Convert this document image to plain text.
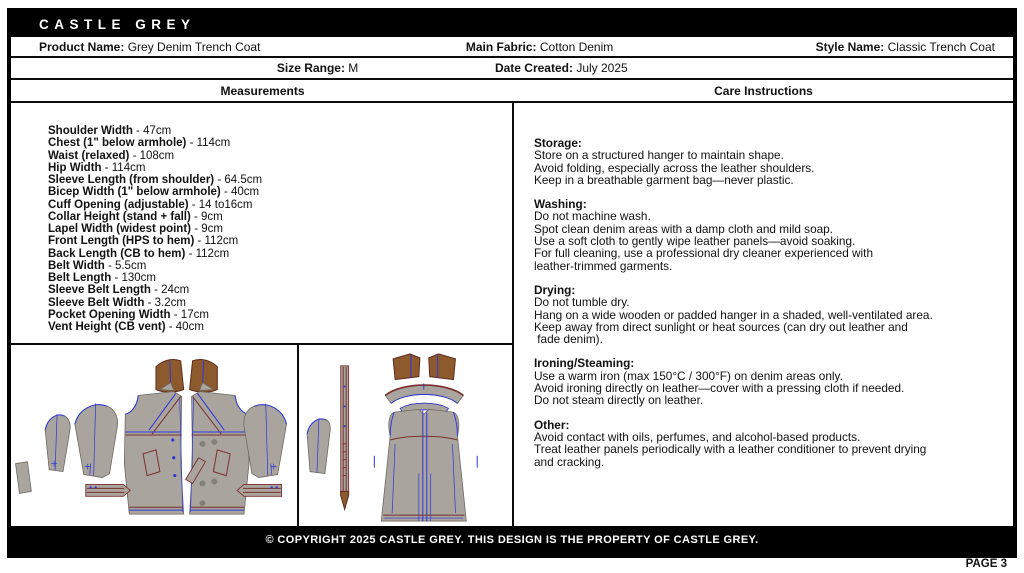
CASTLE GREY
Product Name: Grey Denim Trench Coat	Main Fabric: Cotton Denim	Style Name: Classic Trench Coat
Size Range: M	Date Created: July 2025
Measurements	Care Instructions
Shoulder Width - 47cm
Chest (1" below armhole) - 114cm
Waist (relaxed) - 108cm
Hip Width - 114cm
Sleeve Length (from shoulder) - 64.5cm
Bicep Width (1" below armhole) - 40cm
Cuff Opening (adjustable) - 14 to16cm
Collar Height (stand + fall) - 9cm
Lapel Width (widest point) - 9cm
Front Length (HPS to hem) - 112cm
Back Length (CB to hem) - 112cm
Belt Width - 5.5cm
Belt Length - 130cm
Sleeve Belt Length - 24cm
Sleeve Belt Width - 3.2cm
Pocket Opening Width - 17cm
Vent Height (CB vent) - 40cm
Storage:
Store on a structured hanger to maintain shape.
Avoid folding, especially across the leather shoulders.
Keep in a breathable garment bag—never plastic.
Washing:
Do not machine wash.
Spot clean denim areas with a damp cloth and mild soap.
Use a soft cloth to gently wipe leather panels—avoid soaking.
For full cleaning, use a professional dry cleaner experienced with
leather-trimmed garments.
Drying:
Do not tumble dry.
Hang on a wide wooden or padded hanger in a shaded, well-ventilated area.
Keep away from direct sunlight or heat sources (can dry out leather and
fade denim).
Ironing/Steaming:
Use a warm iron (max 150°C / 300°F) on denim areas only.
Avoid ironing directly on leather—cover with a pressing cloth if needed.
Do not steam directly on leather.
Other:
Avoid contact with oils, perfumes, and alcohol-based products.
Treat leather panels periodically with a leather conditioner to prevent drying
and cracking.
© COPYRIGHT 2025 CASTLE GREY. THIS DESIGN IS THE PROPERTY OF CASTLE GREY.
PAGE 3
